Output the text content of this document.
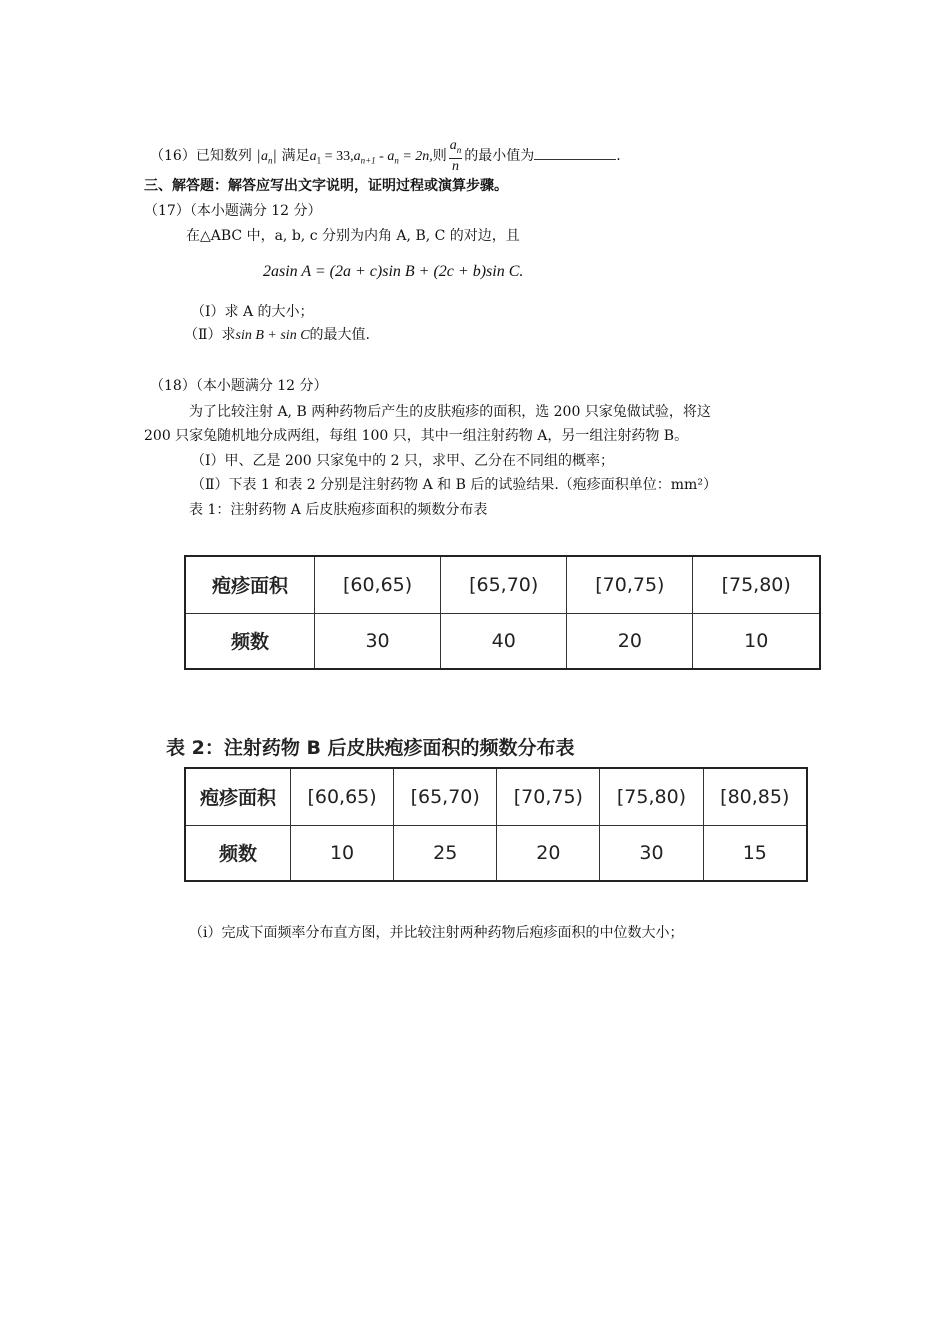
（16）已知数列 $|a_n|$ 满足$a_1 = 33,a_{n+1} - a_n = 2n$,则 $\frac{a_n}{n}$ 的最小值为	.
三、解答题：解答应写出文字说明，证明过程或演算步骤。
（17）（本小题满分 12 分）
在△ABC 中，a, b, c 分别为内角 A, B, C 的对边，且
2asin A = (2a + c)sin B + (2c + b)sin C.
（Ⅰ）求 A 的大小；
（Ⅱ）求sin B + sin C的最大值.
（18）（本小题满分 12 分）
为了比较注射 A, B 两种药物后产生的皮肤疱疹的面积，选 200 只家兔做试验，将这
200 只家兔随机地分成两组，每组 100 只，其中一组注射药物 A，另一组注射药物 B。
（Ⅰ）甲、乙是 200 只家兔中的 2 只，求甲、乙分在不同组的概率；
（Ⅱ）下表 1 和表 2 分别是注射药物 A 和 B 后的试验结果.（疱疹面积单位：mm²）
表 1：注射药物 A 后皮肤疱疹面积的频数分布表
疱疹面积	[60,65)	[65,70)	[70,75)	[75,80)
频数	30	40	20	10
表 2：注射药物 B 后皮肤疱疹面积的频数分布表
疱疹面积	[60,65)	[65,70)	[70,75)	[75,80)	[80,85)
频数	10	25	20	30	15
（ⅰ）完成下面频率分布直方图，并比较注射两种药物后疱疹面积的中位数大小；
